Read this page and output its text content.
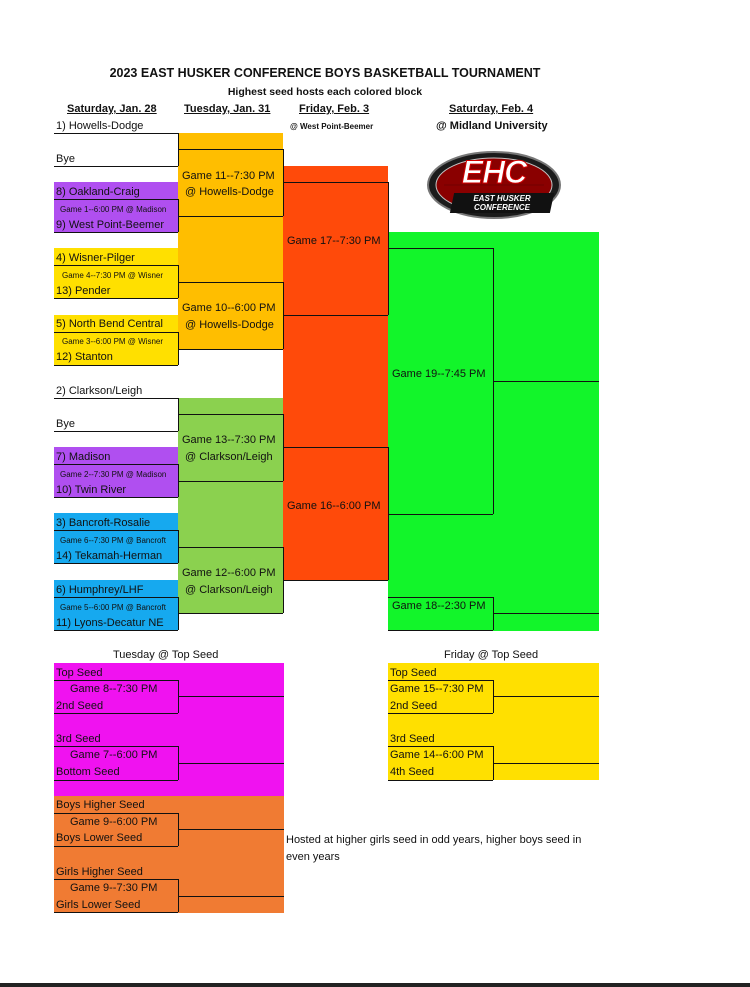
2023 EAST HUSKER CONFERENCE BOYS BASKETBALL TOURNAMENT
Highest seed hosts each colored block
Saturday, Jan. 28 Tuesday, Jan. 31	Friday, Feb. 3	Saturday, Feb. 4
@ West Point-Beemer	@ Midland University
EHC
EAST HUSKER
CONFERENCE
1) Howells-Dodge
Bye
8) Oakland-Craig
Game 1--6:00 PM @ Madison
9) West Point-Beemer
4) Wisner-Pilger
Game 4--7:30 PM @ Wisner
13) Pender
5) North Bend Central
Game 3--6:00 PM @ Wisner
12) Stanton
2) Clarkson/Leigh
Bye
7) Madison
Game 2--7:30 PM @ Madison
10) Twin River
3) Bancroft-Rosalie
Game 6--7:30 PM @ Bancroft
14) Tekamah-Herman
6) Humphrey/LHF
Game 5--6:00 PM @ Bancroft
11) Lyons-Decatur NE
Game 11--7:30 PM
@ Howells-Dodge
Game 10--6:00 PM
@ Howells-Dodge
Game 13--7:30 PM
@ Clarkson/Leigh
Game 12--6:00 PM
@ Clarkson/Leigh
Game 17--7:30 PM
Game 16--6:00 PM
Game 19--7:45 PM
Game 18--2:30 PM
Tuesday @ Top Seed
Top Seed
Game 8--7:30 PM
2nd Seed
3rd Seed
Game 7--6:00 PM
Bottom Seed
Boys Higher Seed
Game 9--6:00 PM
Boys Lower Seed
Girls Higher Seed
Game 9--7:30 PM
Girls Lower Seed
Hosted at higher girls seed in odd years, higher boys seed in even years
Friday @ Top Seed
Top Seed
Game 15--7:30 PM
2nd Seed
3rd Seed
Game 14--6:00 PM
4th Seed
